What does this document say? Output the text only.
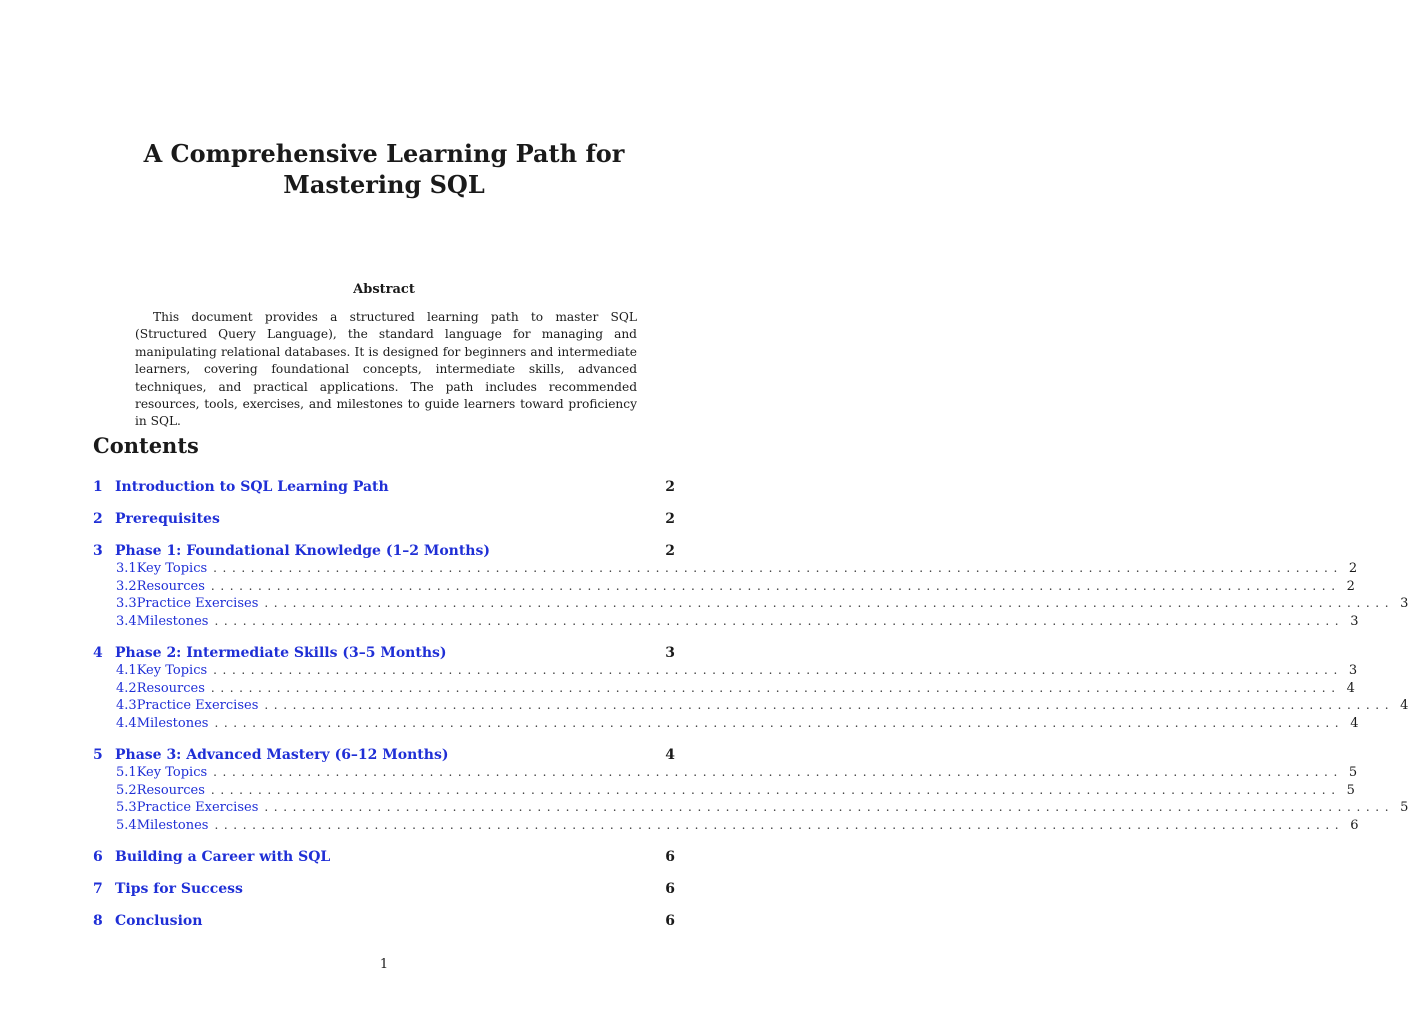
A Comprehensive Learning Path for
Mastering SQL
Abstract
This document provides a structured learning path to master SQL (Structured Query Language), the standard language for managing and manipulating relational databases. It is designed for beginners and intermediate learners, covering foundational concepts, intermediate skills, advanced techniques, and practical applications. The path includes recommended resources, tools, exercises, and milestones to guide learners toward proficiency in SQL.
Contents
1 Introduction to SQL Learning Path	2
2 Prerequisites	2
3 Phase 1: Foundational Knowledge (1–2 Months)	2
3.1 Key Topics ........................................................................................................................ 2
3.2 Resources ........................................................................................................................ 2
3.3 Practice Exercises ........................................................................................................................ 3
3.4 Milestones ........................................................................................................................ 3
4 Phase 2: Intermediate Skills (3–5 Months)	3
4.1 Key Topics ........................................................................................................................ 3
4.2 Resources ........................................................................................................................ 4
4.3 Practice Exercises ........................................................................................................................ 4
4.4 Milestones ........................................................................................................................ 4
5 Phase 3: Advanced Mastery (6–12 Months)	4
5.1 Key Topics ........................................................................................................................ 5
5.2 Resources ........................................................................................................................ 5
5.3 Practice Exercises ........................................................................................................................ 5
5.4 Milestones ........................................................................................................................ 6
6 Building a Career with SQL	6
7 Tips for Success	6
8 Conclusion	6
1
